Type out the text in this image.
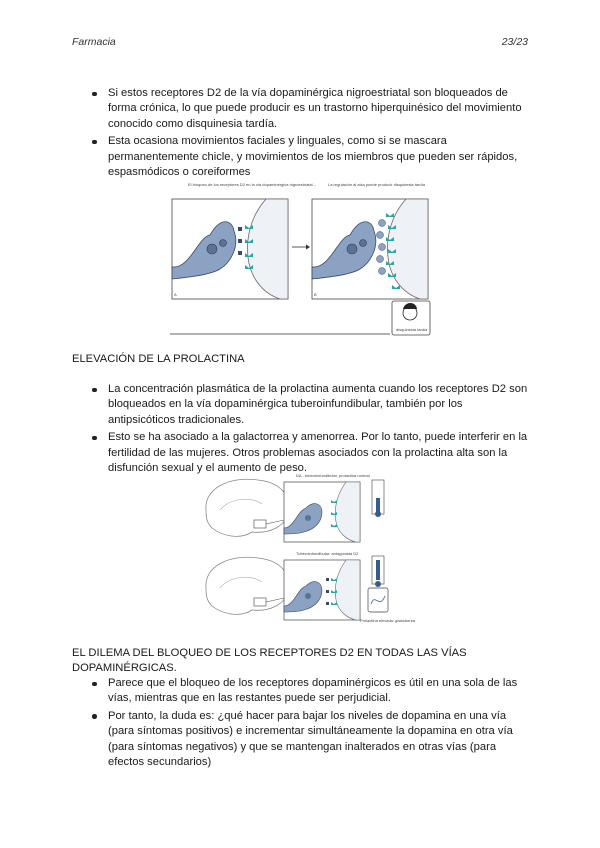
Farmacia	23/23
Si estos receptores D2 de la vía dopaminérgica nigroestriatal son bloqueados de forma crónica, lo que puede producir es un trastorno hiperquinésico del movimiento conocido como disquinesia tardía.
Esta ocasiona movimientos faciales y linguales, como si se mascara permanentemente chicle, y movimientos de los miembros que pueden ser rápidos, espasmódicos o coreiformes
El bloqueo de los receptores D2 en la vía dopaminérgica nigroestriatal...
A
La regulación al alza puede producir disquinesia tardía
B
disquinesia tardía
ELEVACIÓN DE LA PROLACTINA
La concentración plasmática de la prolactina aumenta cuando los receptores D2 son bloqueados en la vía dopaminérgica tuberoinfundibular, también por los antipsicóticos tradicionales.
Esto se ha asociado a la galactorrea y amenorrea. Por lo tanto, puede interferir en la fertilidad de las mujeres. Otros problemas asociados con la prolactina alta son la disfunción sexual y el aumento de peso.
DA - tuberoinfundibular, prolactina normal
Tuberoinfundibular: antagonista D2
Prolactina elevada: galactorrea
EL DILEMA DEL BLOQUEO DE LOS RECEPTORES D2 EN TODAS LAS VÍAS DOPAMINÉRGICAS.
Parece que el bloqueo de los receptores dopaminérgicos es útil en una sola de las vías, mientras que en las restantes puede ser perjudicial.
Por tanto, la duda es: ¿qué hacer para bajar los niveles de dopamina en una vía (para síntomas positivos) e incrementar simultáneamente la dopamina en otra vía (para síntomas negativos) y que se mantengan inalterados en otras vías (para efectos secundarios)
